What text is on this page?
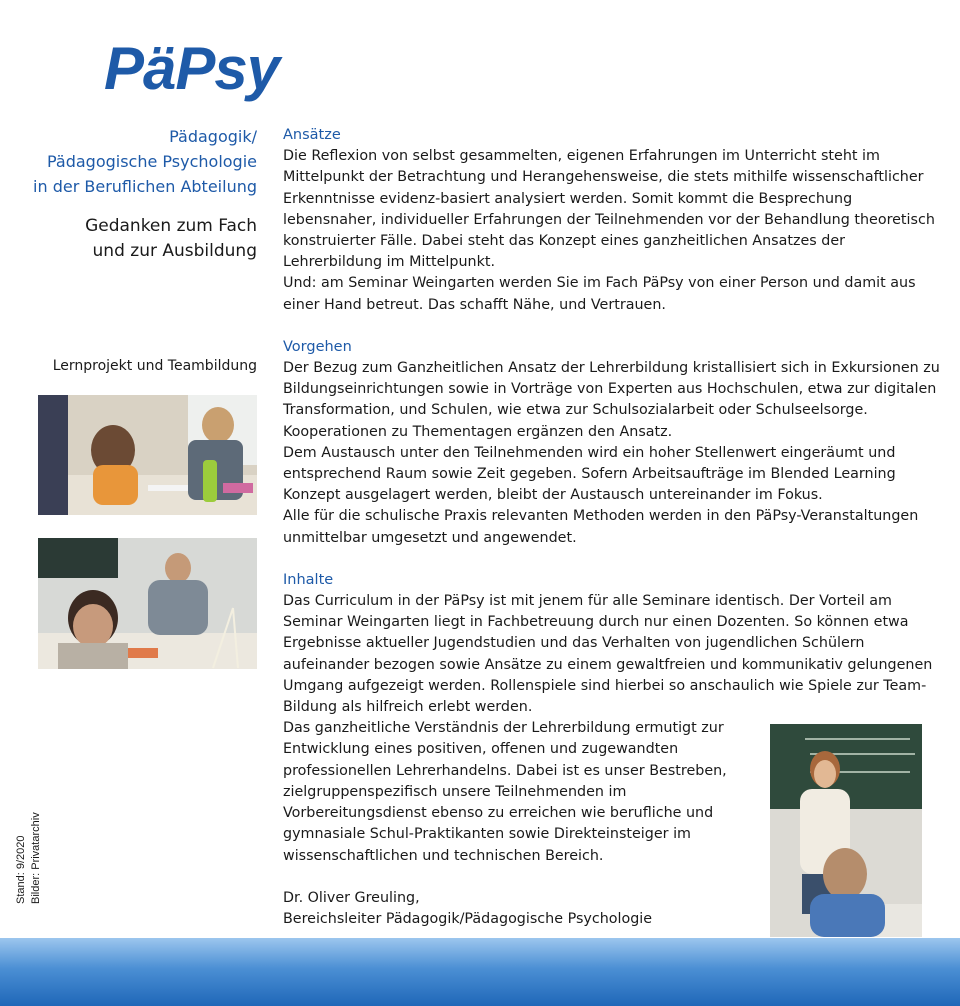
PäPsy
Pädagogik/
Pädagogische Psychologie
in der Beruflichen Abteilung
Gedanken zum Fach
und zur Ausbildung
Lernprojekt und Teambildung
Ansätze

Die Reflexion von selbst gesammelten, eigenen Erfahrungen im Unterricht steht im Mittelpunkt der Betrachtung und Herangehensweise, die stets mithilfe wissenschaftlicher Erkenntnisse evidenz-basiert analysiert werden. Somit kommt die Besprechung lebensnaher, individueller Erfahrungen der Teilnehmenden vor der Behandlung theoretisch konstruierter Fälle. Dabei steht das Konzept eines ganzheitlichen Ansatzes der Lehrerbildung im Mittelpunkt.

Und: am Seminar Weingarten werden Sie im Fach PäPsy von einer Person und damit aus einer Hand betreut. Das schafft Nähe, und Vertrauen.

Vorgehen

Der Bezug zum Ganzheitlichen Ansatz der Lehrerbildung kristallisiert sich in Exkursionen zu Bildungseinrichtungen sowie in Vorträge von Experten aus Hochschulen, etwa zur digitalen Transformation, und Schulen, wie etwa zur Schulsozialarbeit oder Schulseelsorge. Kooperationen zu Thementagen ergänzen den Ansatz.

Dem Austausch unter den Teilnehmenden wird ein hoher Stellenwert eingeräumt und entsprechend Raum sowie Zeit gegeben. Sofern Arbeitsaufträge im Blended Learning Konzept ausgelagert werden, bleibt der Austausch untereinander im Fokus.

Alle für die schulische Praxis relevanten Methoden werden in den PäPsy-Veranstaltungen unmittelbar umgesetzt und angewendet.

Inhalte

Das Curriculum in der PäPsy ist mit jenem für alle Seminare identisch. Der Vorteil am Seminar Weingarten liegt in Fachbetreuung durch nur einen Dozenten. So können etwa Ergebnisse aktueller Jugendstudien und das Verhalten von jugendlichen Schülern aufeinander bezogen sowie Ansätze zu einem gewaltfreien und kommunikativ gelungenen Umgang aufgezeigt werden. Rollenspiele sind hierbei so anschaulich wie Spiele zur Team-Bildung als hilfreich erlebt werden.

Das ganzheitliche Verständnis der Lehrerbildung ermutigt zur Entwicklung eines positiven, offenen und zugewandten professionellen Lehrerhandelns. Dabei ist es unser Bestreben, zielgruppenspezifisch unsere Teilnehmenden im Vorbereitungsdienst ebenso zu erreichen wie berufliche und gymnasiale Schul-Praktikanten sowie Direkteinsteiger im wissenschaftlichen und technischen Bereich.

Dr. Oliver Greuling,
Bereichsleiter Pädagogik/Pädagogische Psychologie
Stand: 9/2020 Bilder: Privatarchiv
